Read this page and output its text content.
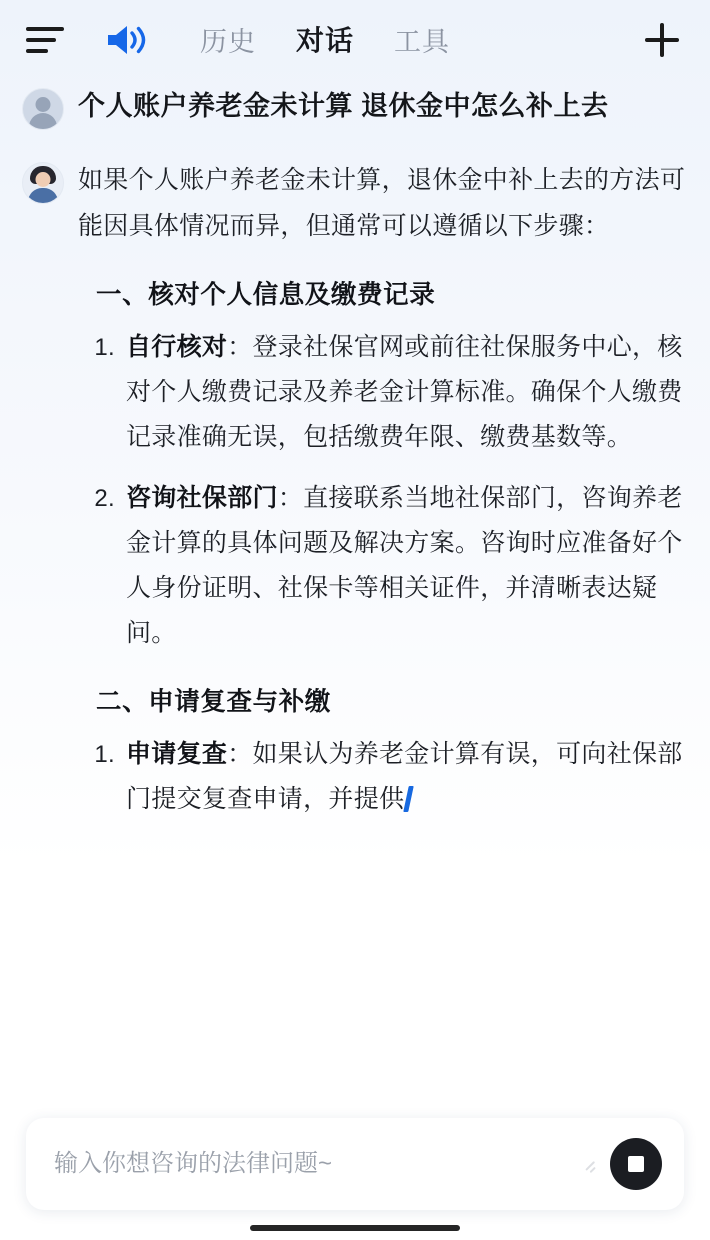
历史 对话 工具
个人账户养老金未计算 退休金中怎么补上去

如果个人账户养老金未计算，退休金中补上去的方法可能因具体情况而异，但通常可以遵循以下步骤：

一、核对个人信息及缴费记录
1. 自行核对：登录社保官网或前往社保服务中心，核对个人缴费记录及养老金计算标准。确保个人缴费记录准确无误，包括缴费年限、缴费基数等。
2. 咨询社保部门：直接联系当地社保部门，咨询养老金计算的具体问题及解决方案。咨询时应准备好个人身份证明、社保卡等相关证件，并清晰表达疑问。
二、申请复查与补缴
1. 申请复查：如果认为养老金计算有误，可向社保部门提交复查申请，并提供
输入你想咨询的法律问题~
